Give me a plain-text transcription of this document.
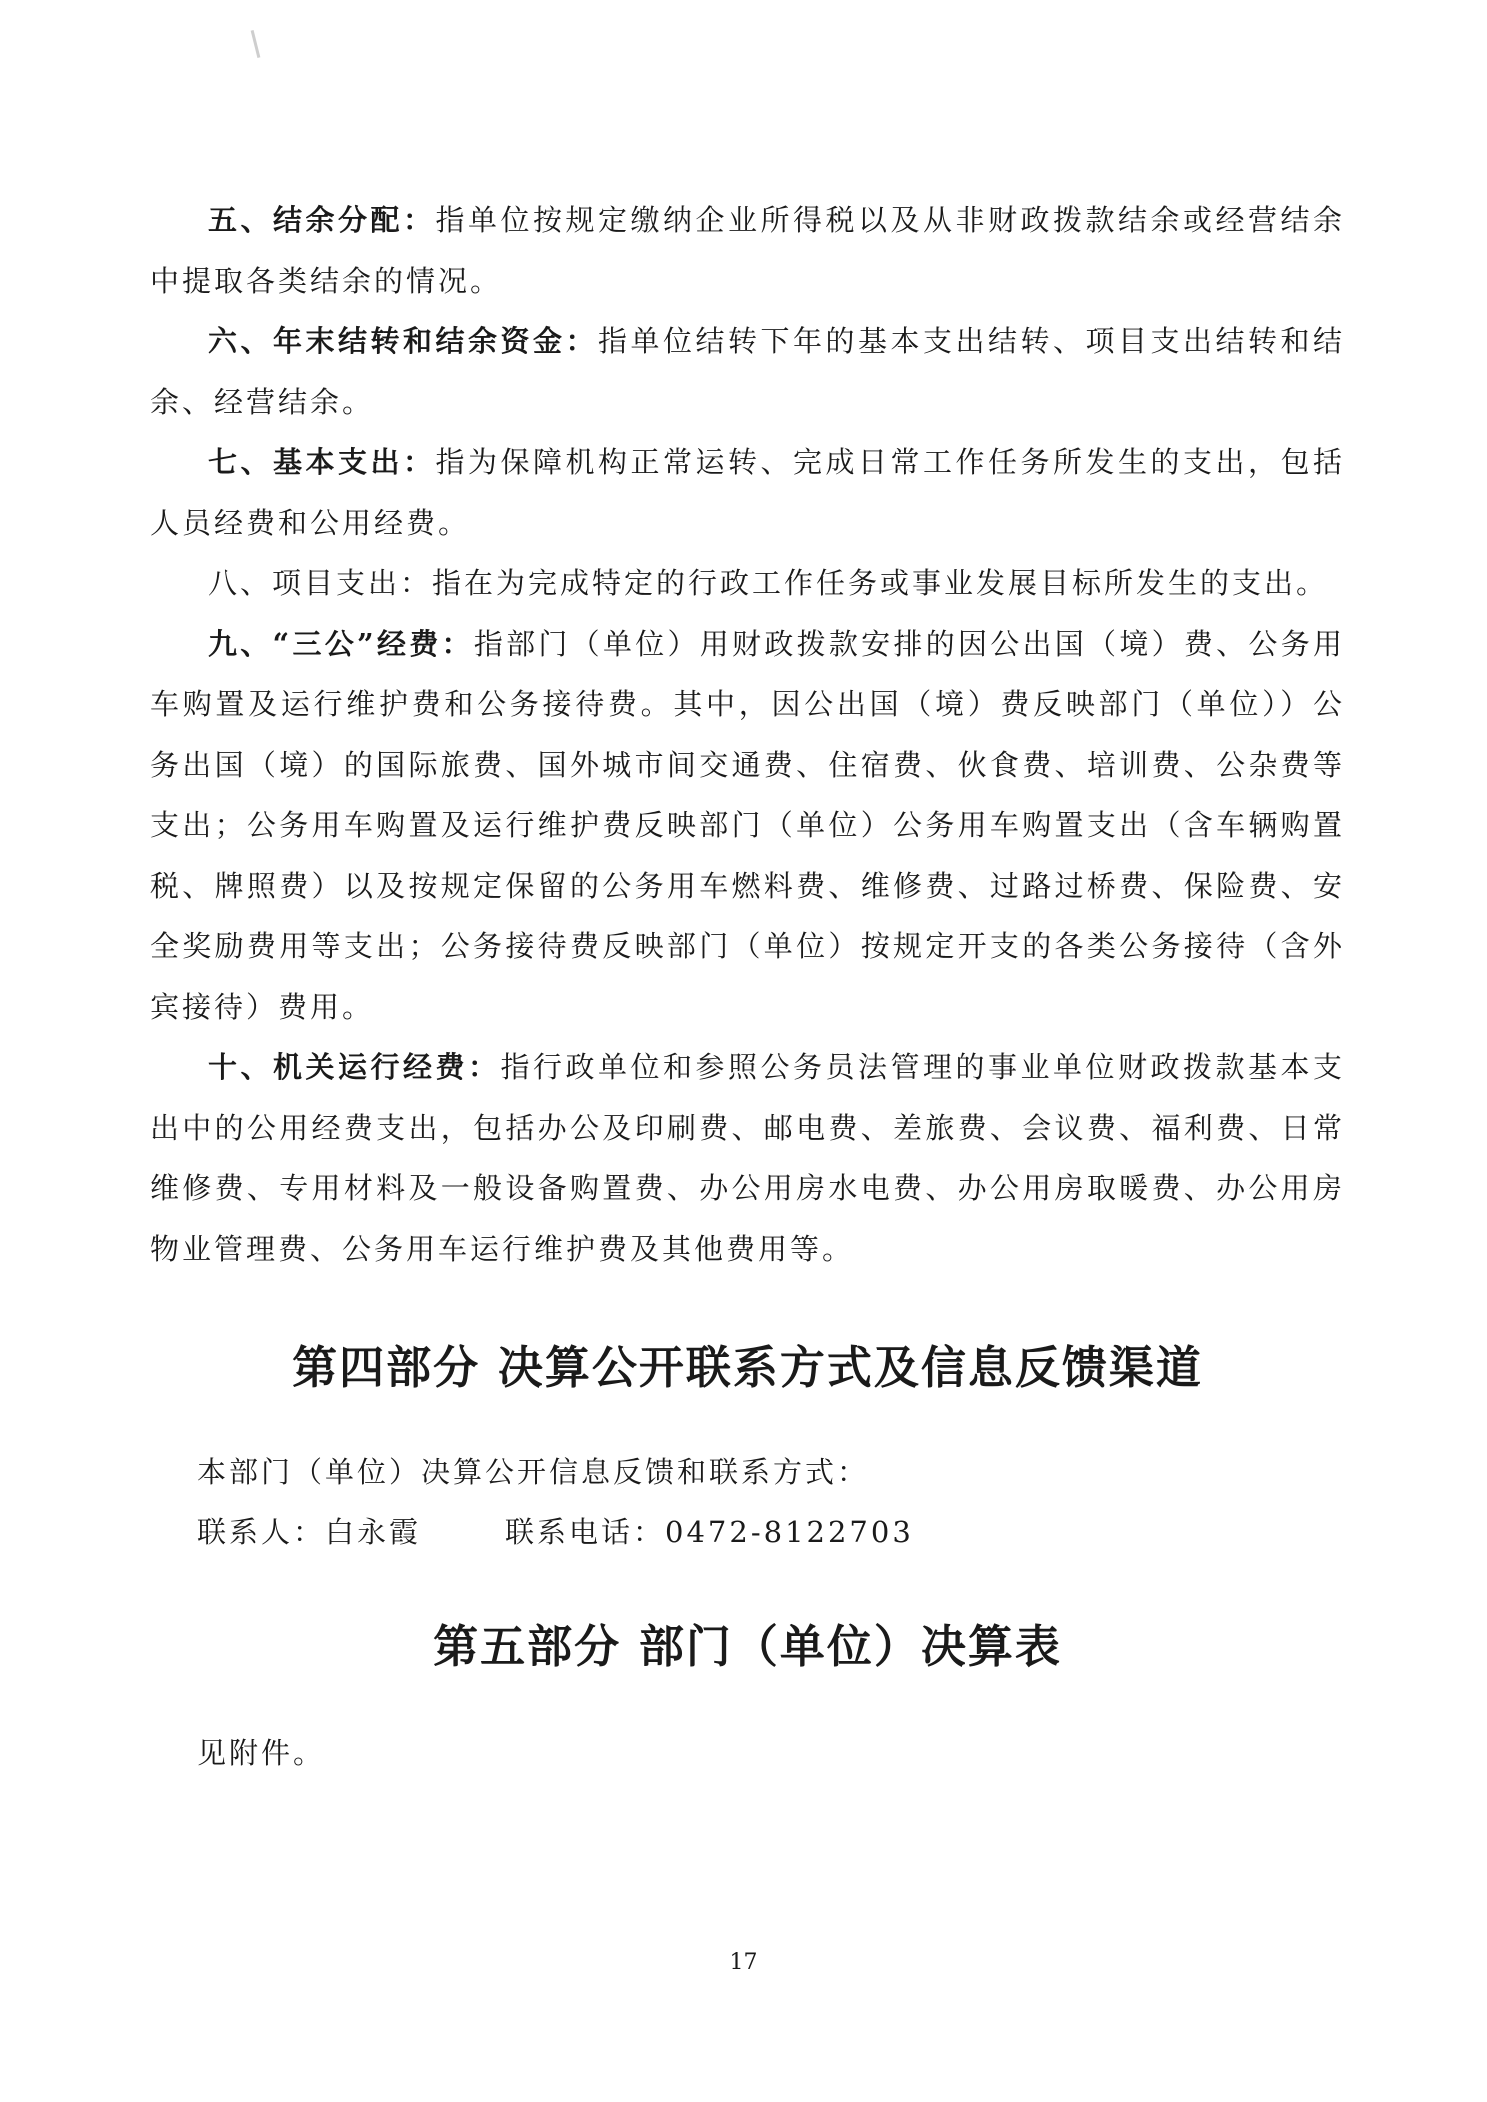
五、结余分配：指单位按规定缴纳企业所得税以及从非财政拨款结余或经营结余中提取各类结余的情况。

六、年末结转和结余资金：指单位结转下年的基本支出结转、项目支出结转和结余、经营结余。

七、基本支出：指为保障机构正常运转、完成日常工作任务所发生的支出，包括人员经费和公用经费。

八、项目支出：指在为完成特定的行政工作任务或事业发展目标所发生的支出。

九、“三公”经费：指部门（单位）用财政拨款安排的因公出国（境）费、公务用车购置及运行维护费和公务接待费。其中，因公出国（境）费反映部门（单位））公务出国（境）的国际旅费、国外城市间交通费、住宿费、伙食费、培训费、公杂费等支出；公务用车购置及运行维护费反映部门（单位）公务用车购置支出（含车辆购置税、牌照费）以及按规定保留的公务用车燃料费、维修费、过路过桥费、保险费、安全奖励费用等支出；公务接待费反映部门（单位）按规定开支的各类公务接待（含外宾接待）费用。

十、机关运行经费：指行政单位和参照公务员法管理的事业单位财政拨款基本支出中的公用经费支出，包括办公及印刷费、邮电费、差旅费、会议费、福利费、日常维修费、专用材料及一般设备购置费、办公用房水电费、办公用房取暖费、办公用房物业管理费、公务用车运行维护费及其他费用等。

第四部分 决算公开联系方式及信息反馈渠道

本部门（单位）决算公开信息反馈和联系方式：

联系人：白永霞	联系电话：0472-8122703

第五部分 部门（单位）决算表

见附件。

17
